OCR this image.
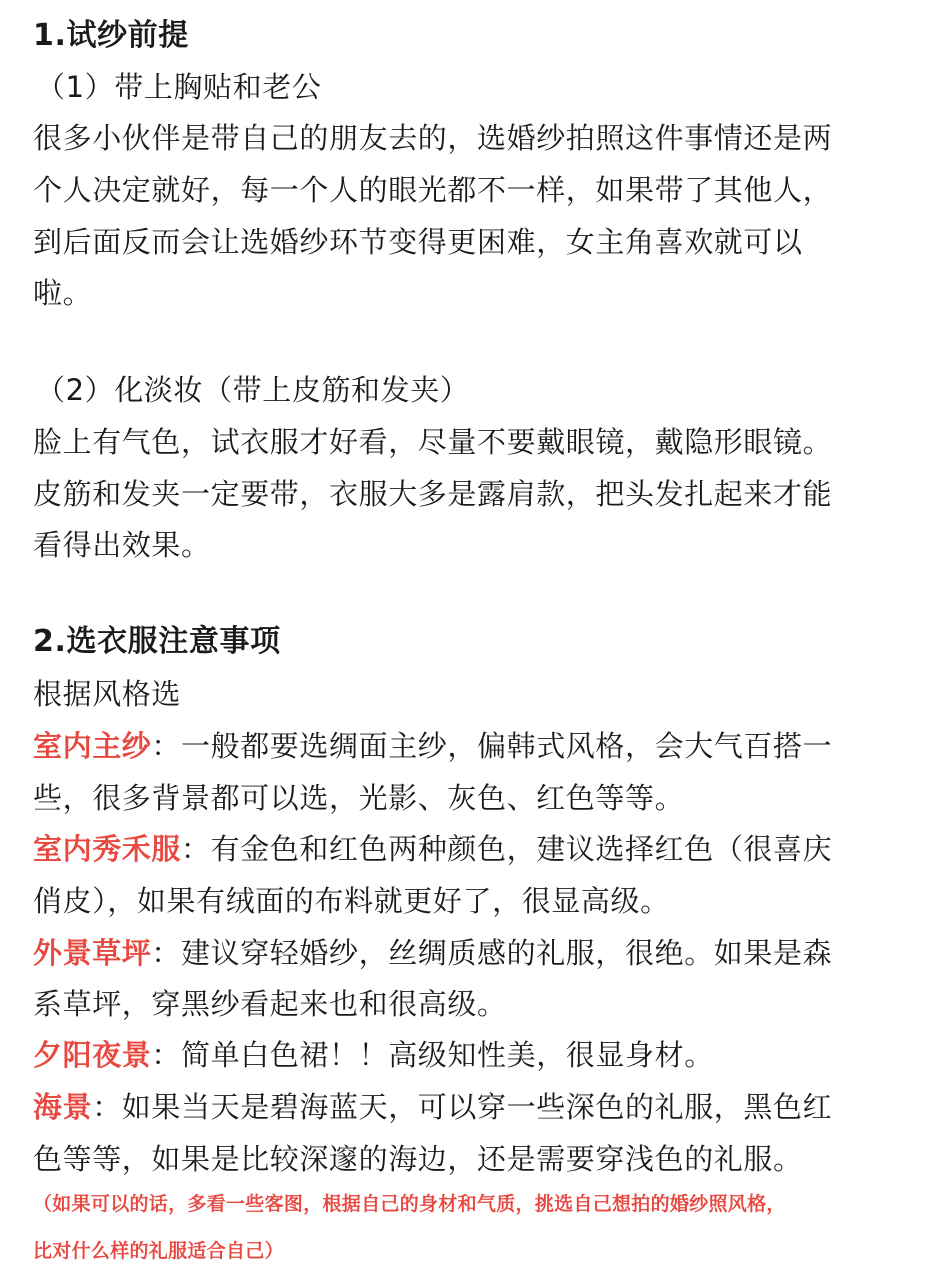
1.试纱前提
（1）带上胸贴和老公
很多小伙伴是带自己的朋友去的，选婚纱拍照这件事情还是两
个人决定就好，每一个人的眼光都不一样，如果带了其他人，
到后面反而会让选婚纱环节变得更困难，女主角喜欢就可以
啦。
（2）化淡妆（带上皮筋和发夹）
脸上有气色，试衣服才好看，尽量不要戴眼镜，戴隐形眼镜。
皮筋和发夹一定要带，衣服大多是露肩款，把头发扎起来才能
看得出效果。
2.选衣服注意事项
根据风格选
室内主纱：一般都要选绸面主纱，偏韩式风格，会大气百搭一
些，很多背景都可以选，光影、灰色、红色等等。
室内秀禾服：有金色和红色两种颜色，建议选择红色（很喜庆
俏皮），如果有绒面的布料就更好了，很显高级。
外景草坪：建议穿轻婚纱，丝绸质感的礼服，很绝。如果是森
系草坪，穿黑纱看起来也和很高级。
夕阳夜景：简单白色裙！！高级知性美，很显身材。
海景：如果当天是碧海蓝天，可以穿一些深色的礼服，黑色红
色等等，如果是比较深邃的海边，还是需要穿浅色的礼服。
（如果可以的话，多看一些客图，根据自己的身材和气质，挑选自己想拍的婚纱照风格，
比对什么样的礼服适合自己）
